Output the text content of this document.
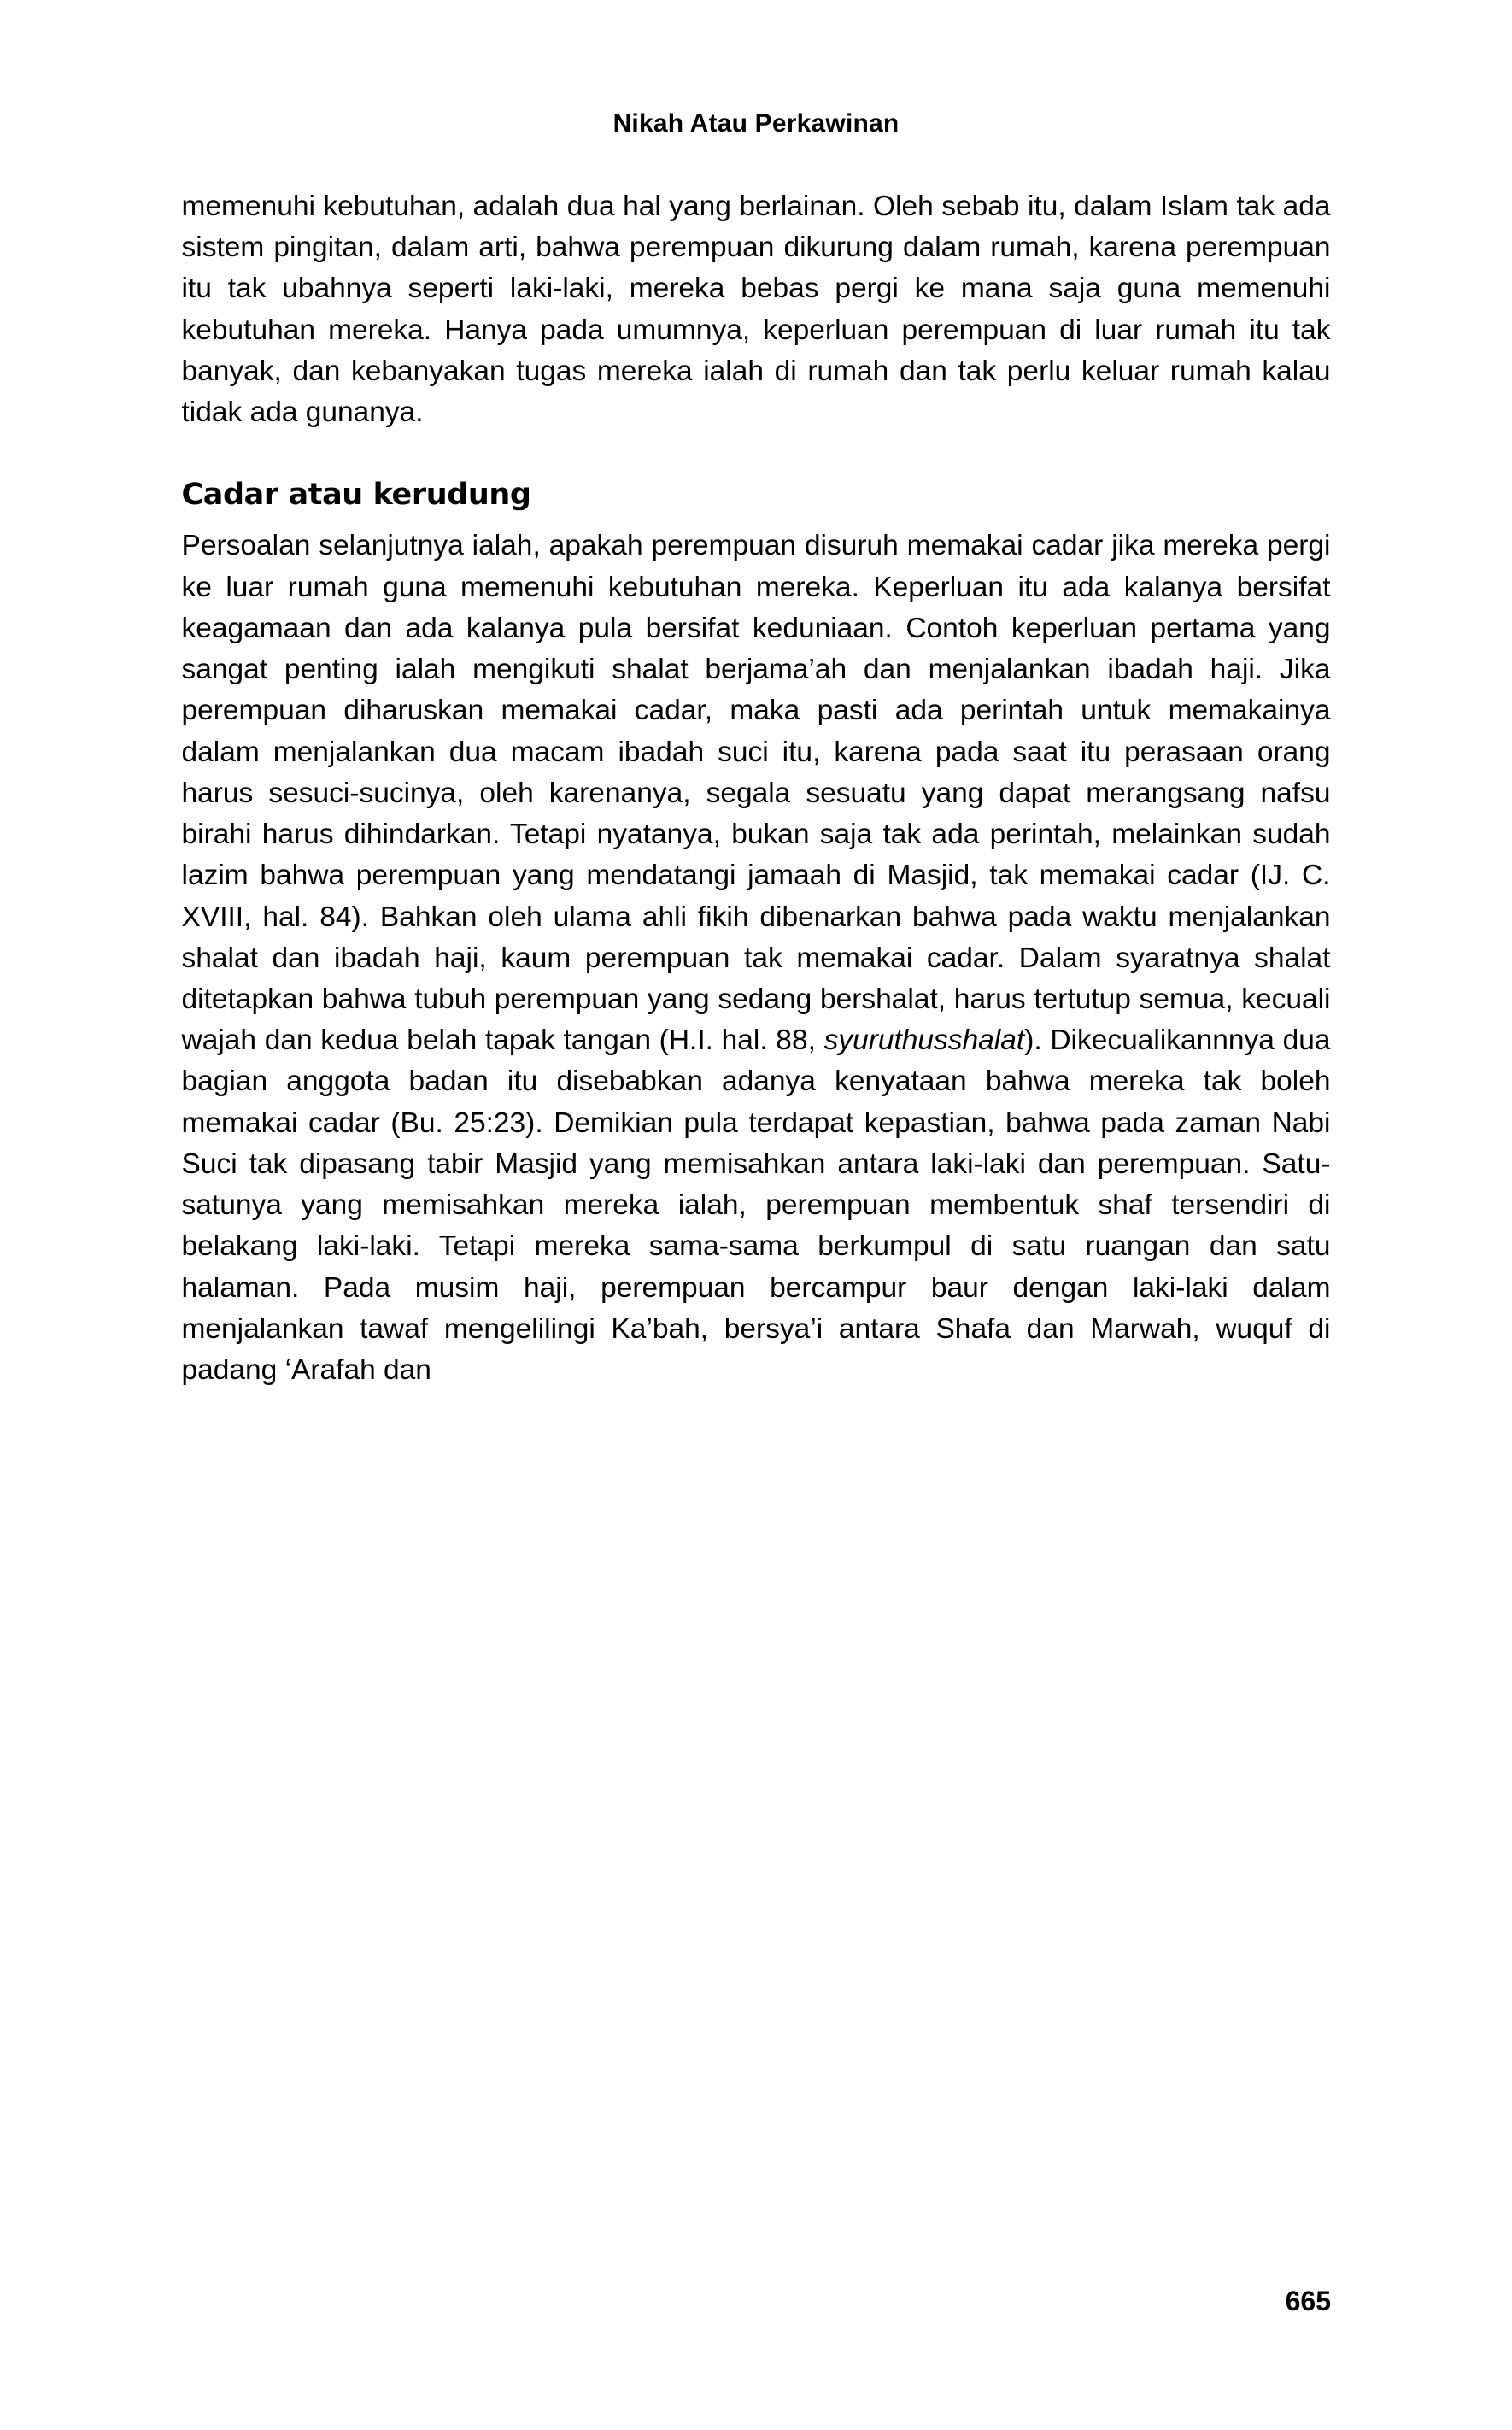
Nikah Atau Perkawinan

memenuhi kebutuhan, adalah dua hal yang berlainan. Oleh sebab itu, dalam Islam tak ada sistem pingitan, dalam arti, bahwa perempuan dikurung dalam rumah, karena perempuan itu tak ubahnya seperti laki-laki, mereka bebas pergi ke mana saja guna memenuhi kebutuhan mereka. Hanya pada umumnya, keperluan perempuan di luar rumah itu tak banyak, dan kebanyakan tugas mereka ialah di rumah dan tak perlu keluar rumah kalau tidak ada gunanya.

Cadar atau kerudung

Persoalan selanjutnya ialah, apakah perempuan disuruh memakai cadar jika mereka pergi ke luar rumah guna memenuhi kebutuhan mereka. Keperluan itu ada kalanya bersifat keagamaan dan ada kalanya pula bersifat keduniaan. Contoh keperluan pertama yang sangat penting ialah mengikuti shalat berjama’ah dan menjalankan ibadah haji. Jika perempuan diharuskan memakai cadar, maka pasti ada perintah untuk memakainya dalam menjalankan dua macam ibadah suci itu, karena pada saat itu perasaan orang harus sesuci-sucinya, oleh karenanya, segala sesuatu yang dapat merangsang nafsu birahi harus dihindarkan. Tetapi nyatanya, bukan saja tak ada perintah, melainkan sudah lazim bahwa perempuan yang mendatangi jamaah di Masjid, tak memakai cadar (IJ. C. XVIII, hal. 84). Bahkan oleh ulama ahli fikih dibenarkan bahwa pada waktu menjalankan shalat dan ibadah haji, kaum perempuan tak memakai cadar. Dalam syaratnya shalat ditetapkan bahwa tubuh perempuan yang sedang bershalat, harus tertutup semua, kecuali wajah dan kedua belah tapak tangan (H.I. hal. 88, syuruthusshalat). Dikecualikannnya dua bagian anggota badan itu disebabkan adanya kenyataan bahwa mereka tak boleh memakai cadar (Bu. 25:23). Demikian pula terdapat kepastian, bahwa pada zaman Nabi Suci tak dipasang tabir Masjid yang memisahkan antara laki-laki dan perempuan. Satu-satunya yang memisahkan mereka ialah, perempuan membentuk shaf tersendiri di belakang laki-laki. Tetapi mereka sama-sama berkumpul di satu ruangan dan satu halaman. Pada musim haji, perempuan bercampur baur dengan laki-laki dalam menjalankan tawaf mengelilingi Ka’bah, bersya’i antara Shafa dan Marwah, wuquf di padang ‘Arafah dan

665
